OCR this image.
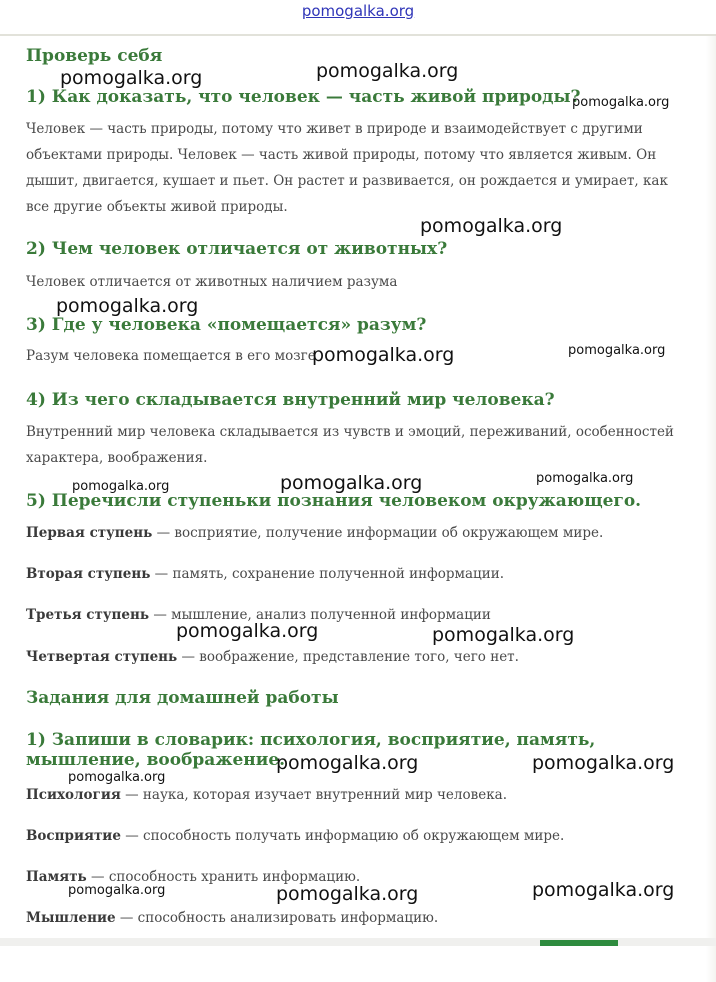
pomogalka.org
Проверь себя
1) Как доказать, что человек — часть живой природы?
Человек — часть природы, потому что живет в природе и взаимодействует с другими
объектами природы. Человек — часть живой природы, потому что является живым. Он
дышит, двигается, кушает и пьет. Он растет и развивается, он рождается и умирает, как
все другие объекты живой природы.
2) Чем человек отличается от животных?
Человек отличается от животных наличием разума
3) Где у человека «помещается» разум?
Разум человека помещается в его мозге
4) Из чего складывается внутренний мир человека?
Внутренний мир человека складывается из чувств и эмоций, переживаний, особенностей
характера, воображения.
5) Перечисли ступеньки познания человеком окружающего.
Первая ступень — восприятие, получение информации об окружающем мире.
Вторая ступень — память, сохранение полученной информации.
Третья ступень — мышление, анализ полученной информации
Четвертая ступень — воображение, представление того, чего нет.
Задания для домашней работы
1) Запиши в словарик: психология, восприятие, память, мышление, воображение.
Психология — наука, которая изучает внутренний мир человека.
Восприятие — способность получать информацию об окружающем мире.
Память — способность хранить информацию.
Мышление — способность анализировать информацию.
pomogalka.org	pomogalka.org
pomogalka.org
pomogalka.org
pomogalka.org
pomogalka.org	pomogalka.org
pomogalka.org	pomogalka.org
pomogalka.org
pomogalka.org	pomogalka.org
pomogalka.org
pomogalka.org	pomogalka.org
pomogalka.org	pomogalka.org	pomogalka.org
